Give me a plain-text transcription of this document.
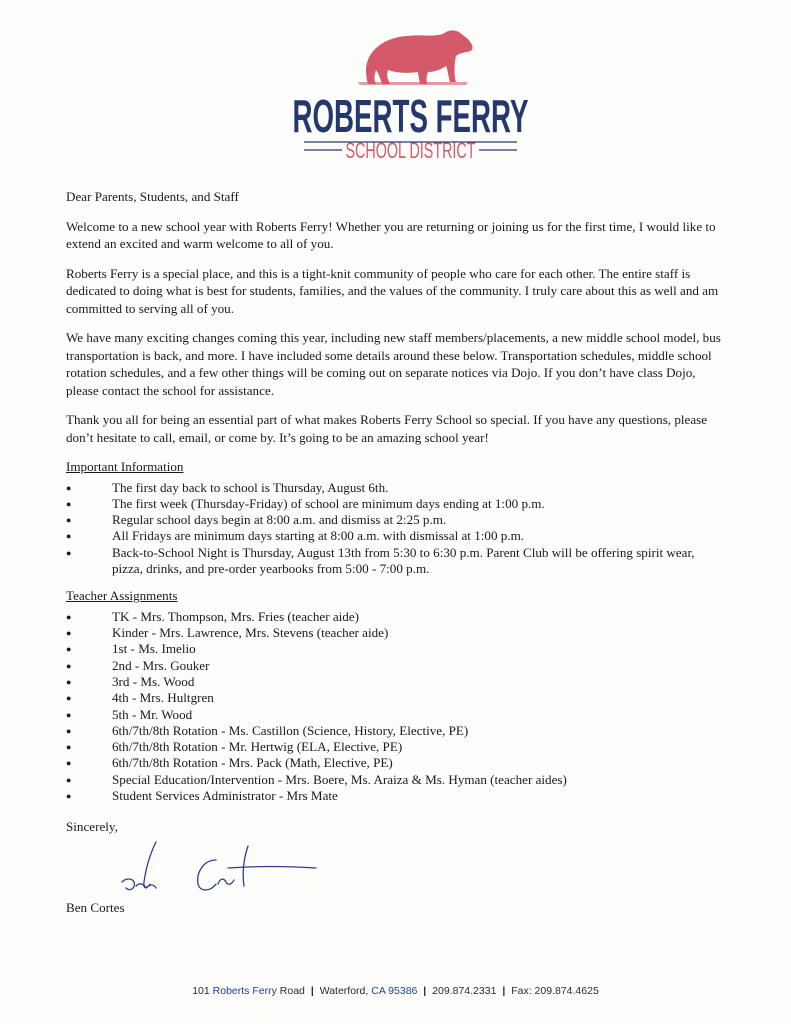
ROBERTS FERRY
SCHOOL DISTRICT

Dear Parents, Students, and Staff

Welcome to a new school year with Roberts Ferry! Whether you are returning or joining us for the first time, I would like to extend an excited and warm welcome to all of you.

Roberts Ferry is a special place, and this is a tight-knit community of people who care for each other. The entire staff is dedicated to doing what is best for students, families, and the values of the community. I truly care about this as well and am committed to serving all of you.

We have many exciting changes coming this year, including new staff members/placements, a new middle school model, bus transportation is back, and more. I have included some details around these below. Transportation schedules, middle school rotation schedules, and a few other things will be coming out on separate notices via Dojo. If you don’t have class Dojo, please contact the school for assistance.

Thank you all for being an essential part of what makes Roberts Ferry School so special. If you have any questions, please don’t hesitate to call, email, or come by. It’s going to be an amazing school year!

Important Information

● The first day back to school is Thursday, August 6th.
● The first week (Thursday-Friday) of school are minimum days ending at 1:00 p.m.
● Regular school days begin at 8:00 a.m. and dismiss at 2:25 p.m.
● All Fridays are minimum days starting at 8:00 a.m. with dismissal at 1:00 p.m.
● Back-to-School Night is Thursday, August 13th from 5:30 to 6:30 p.m. Parent Club will be offering spirit wear, pizza, drinks, and pre-order yearbooks from 5:00 - 7:00 p.m.

Teacher Assignments

● TK - Mrs. Thompson, Mrs. Fries (teacher aide)
● Kinder - Mrs. Lawrence, Mrs. Stevens (teacher aide)
● 1st - Ms. Imelio
● 2nd - Mrs. Gouker
● 3rd - Ms. Wood
● 4th - Mrs. Hultgren
● 5th - Mr. Wood
● 6th/7th/8th Rotation - Ms. Castillon (Science, History, Elective, PE)
● 6th/7th/8th Rotation - Mr. Hertwig (ELA, Elective, PE)
● 6th/7th/8th Rotation - Mrs. Pack (Math, Elective, PE)
● Special Education/Intervention - Mrs. Boere, Ms. Araiza & Ms. Hyman (teacher aides)
● Student Services Administrator - Mrs Mate

Sincerely,

Ben Cortes
101 Roberts Ferry Road | Waterford, CA 95386 | 209.874.2331 | Fax: 209.874.4625
